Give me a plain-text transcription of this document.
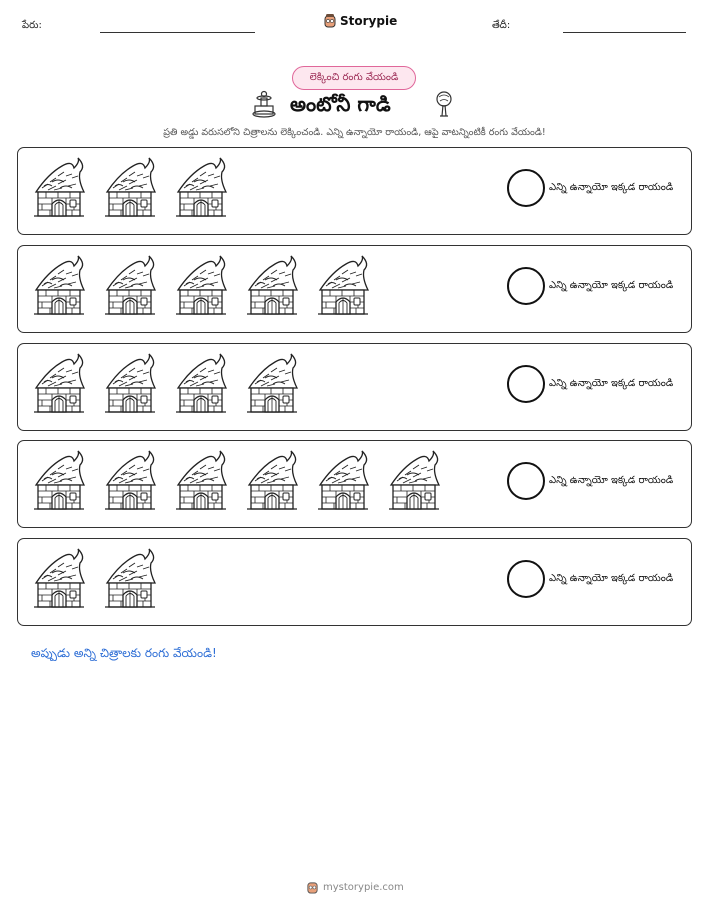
పేరు:	Storypie	తేదీ:
లెక్కించి రంగు వేయండి
అంటోనీ గాడి
ప్రతి అడ్డు వరుసలోని చిత్రాలను లెక్కించండి. ఎన్ని ఉన్నాయో రాయండి, ఆపై వాటన్నింటికీ రంగు వేయండి!
ఎన్ని ఉన్నాయో ఇక్కడ రాయండి
ఎన్ని ఉన్నాయో ఇక్కడ రాయండి
ఎన్ని ఉన్నాయో ఇక్కడ రాయండి
ఎన్ని ఉన్నాయో ఇక్కడ రాయండి
ఎన్ని ఉన్నాయో ఇక్కడ రాయండి
అప్పుడు అన్ని చిత్రాలకు రంగు వేయండి!
mystorypie.com
